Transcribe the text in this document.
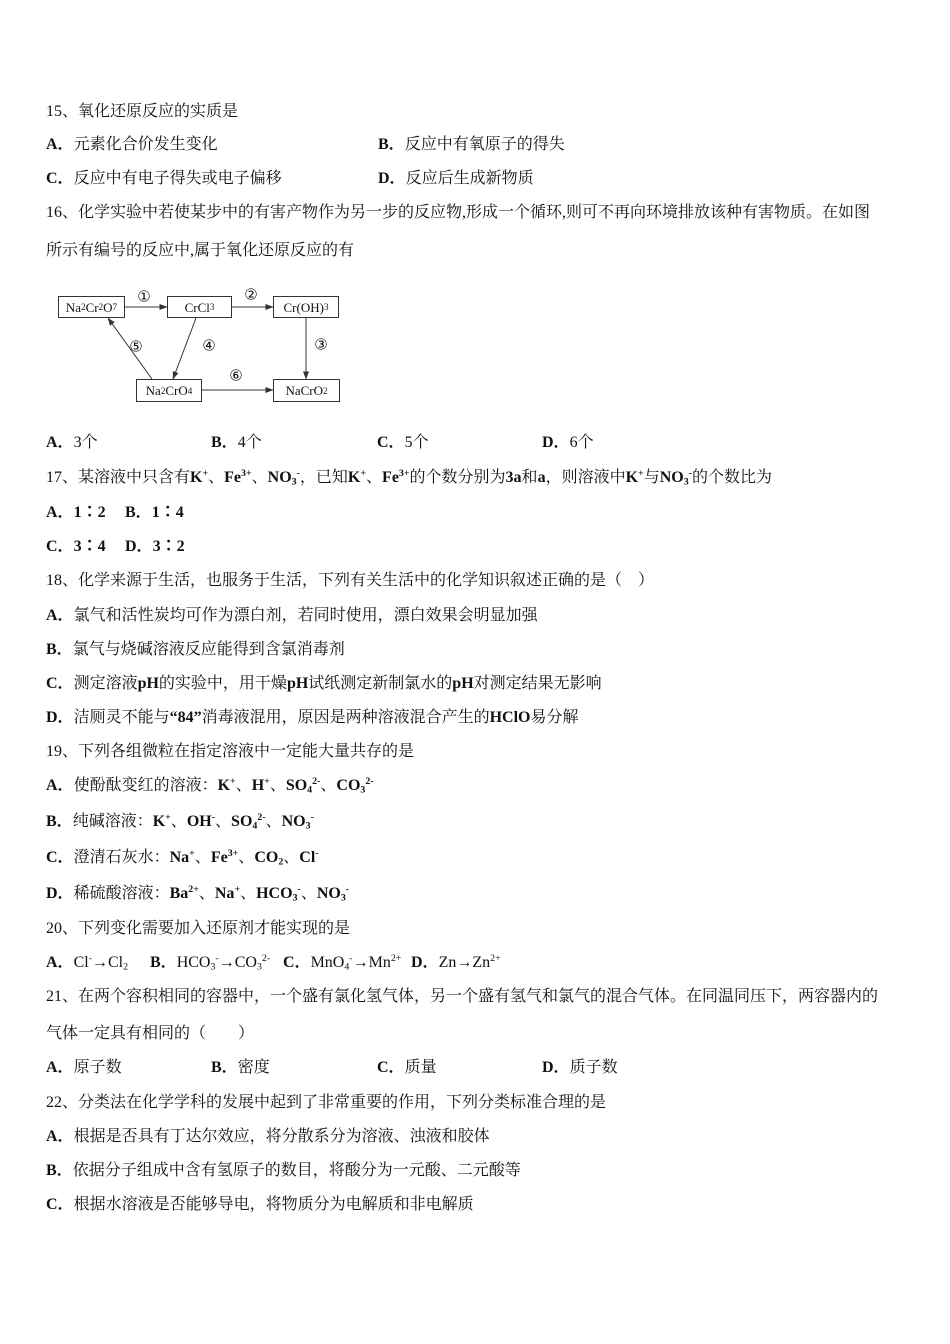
15、氧化还原反应的实质是
A．元素化合价发生变化	B．反应中有氧原子的得失
C．反应中有电子得失或电子偏移	D．反应后生成新物质
16、化学实验中若使某步中的有害产物作为另一步的反应物,形成一个循环,则可不再向环境排放该种有害物质。在如图
所示有编号的反应中,属于氧化还原反应的有
Na 2 Cr 2 O 7	CrCl 3	Cr(OH) 3
Na 2 CrO 4	NaCrO 2
①	②
③
④
⑤
⑥
A．3个	B．4个	C．5个	D．6个
17、某溶液中只含有K+、$Fe^{3+}$、$NO_3^-$，已知K+、$Fe^{3+}$的个数分别为3a和a，则溶液中K+与$NO_3^-$的个数比为
A．1∶2 B．1∶4
C．3∶4 D．3∶2
18、化学来源于生活，也服务于生活，下列有关生活中的化学知识叙述正确的是（　）
A．氯气和活性炭均可作为漂白剂，若同时使用，漂白效果会明显加强
B．氯气与烧碱溶液反应能得到含氯消毒剂
C．测定溶液pH的实验中，用干燥pH试纸测定新制氯水的pH对测定结果无影响
D．洁厕灵不能与“84”消毒液混用，原因是两种溶液混合产生的HClO易分解
19、下列各组微粒在指定溶液中一定能大量共存的是
A．使酚酞变红的溶液：K+、H+、$SO_4^{2-}$、$CO_3^{2-}$
B．纯碱溶液：K+、OH-、$SO_4^{2-}$、$NO_3^-$
C．澄清石灰水：Na+、$Fe^{3+}$、$CO_2$、Cl-
D．稀硫酸溶液：$Ba^{2+}$、Na+、$HCO_3^-$、$NO_3^-$
20、下列变化需要加入还原剂才能实现的是
A．$Cl^-\to Cl_2$ B．$HCO_3^-\to CO_3^{2-}$ C．$MnO_4^-\to Mn^{2+}$ D．$Zn\to Zn^{2+}$
21、在两个容积相同的容器中，一个盛有氯化氢气体，另一个盛有氢气和氯气的混合气体。在同温同压下，两容器内的
气体一定具有相同的（　　）
A．原子数	B．密度	C．质量	D．质子数
22、分类法在化学学科的发展中起到了非常重要的作用，下列分类标准合理的是
A．根据是否具有丁达尔效应，将分散系分为溶液、浊液和胶体
B．依据分子组成中含有氢原子的数目，将酸分为一元酸、二元酸等
C．根据水溶液是否能够导电，将物质分为电解质和非电解质
